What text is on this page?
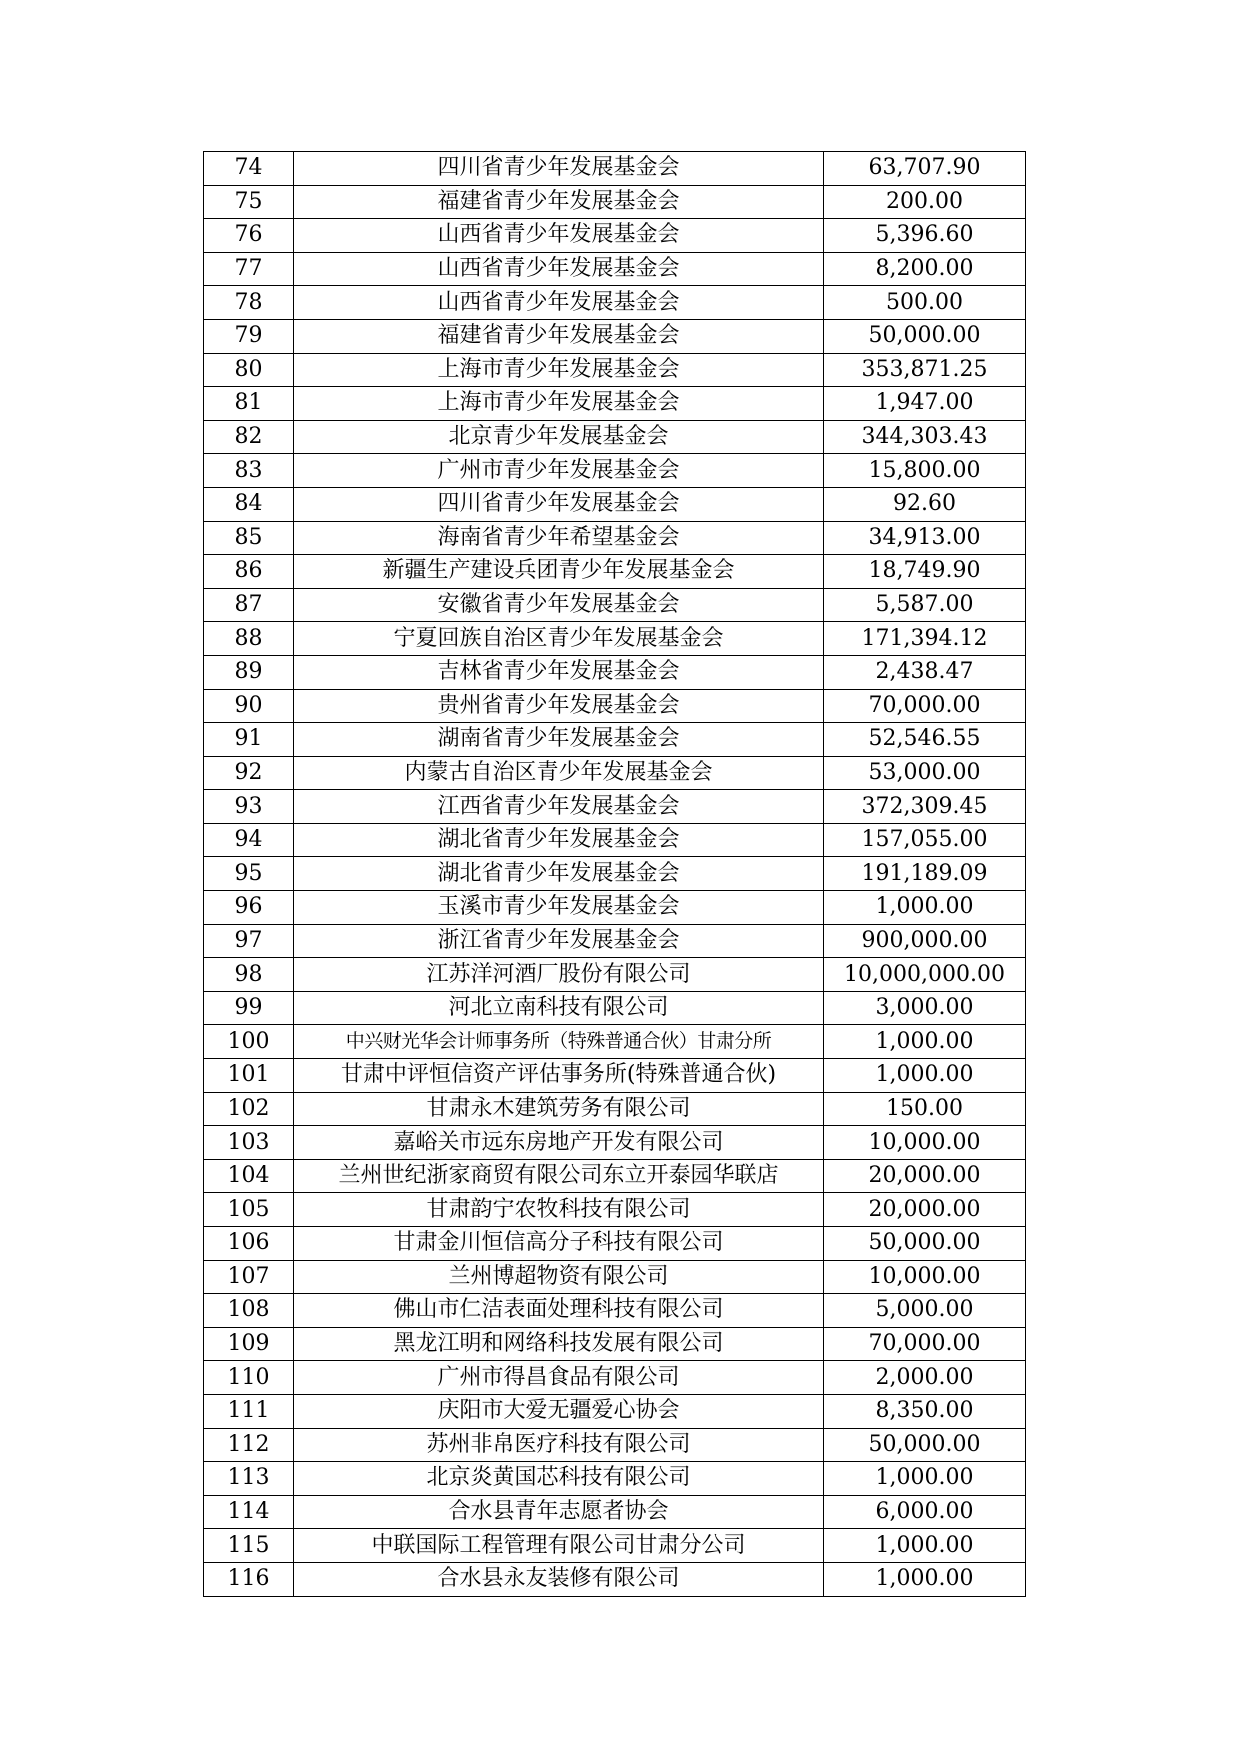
74	四川省青少年发展基金会	63,707.90
75	福建省青少年发展基金会	200.00
76	山西省青少年发展基金会	5,396.60
77	山西省青少年发展基金会	8,200.00
78	山西省青少年发展基金会	500.00
79	福建省青少年发展基金会	50,000.00
80	上海市青少年发展基金会	353,871.25
81	上海市青少年发展基金会	1,947.00
82	北京青少年发展基金会	344,303.43
83	广州市青少年发展基金会	15,800.00
84	四川省青少年发展基金会	92.60
85	海南省青少年希望基金会	34,913.00
86	新疆生产建设兵团青少年发展基金会	18,749.90
87	安徽省青少年发展基金会	5,587.00
88	宁夏回族自治区青少年发展基金会	171,394.12
89	吉林省青少年发展基金会	2,438.47
90	贵州省青少年发展基金会	70,000.00
91	湖南省青少年发展基金会	52,546.55
92	内蒙古自治区青少年发展基金会	53,000.00
93	江西省青少年发展基金会	372,309.45
94	湖北省青少年发展基金会	157,055.00
95	湖北省青少年发展基金会	191,189.09
96	玉溪市青少年发展基金会	1,000.00
97	浙江省青少年发展基金会	900,000.00
98	江苏洋河酒厂股份有限公司	10,000,000.00
99	河北立南科技有限公司	3,000.00
100	中兴财光华会计师事务所（特殊普通合伙）甘肃分所	1,000.00
101	甘肃中评恒信资产评估事务所(特殊普通合伙)	1,000.00
102	甘肃永木建筑劳务有限公司	150.00
103	嘉峪关市远东房地产开发有限公司	10,000.00
104	兰州世纪浙家商贸有限公司东立开泰园华联店	20,000.00
105	甘肃韵宁农牧科技有限公司	20,000.00
106	甘肃金川恒信高分子科技有限公司	50,000.00
107	兰州博超物资有限公司	10,000.00
108	佛山市仁洁表面处理科技有限公司	5,000.00
109	黑龙江明和网络科技发展有限公司	70,000.00
110	广州市得昌食品有限公司	2,000.00
111	庆阳市大爱无疆爱心协会	8,350.00
112	苏州非帛医疗科技有限公司	50,000.00
113	北京炎黄国芯科技有限公司	1,000.00
114	合水县青年志愿者协会	6,000.00
115	中联国际工程管理有限公司甘肃分公司	1,000.00
116	合水县永友装修有限公司	1,000.00
